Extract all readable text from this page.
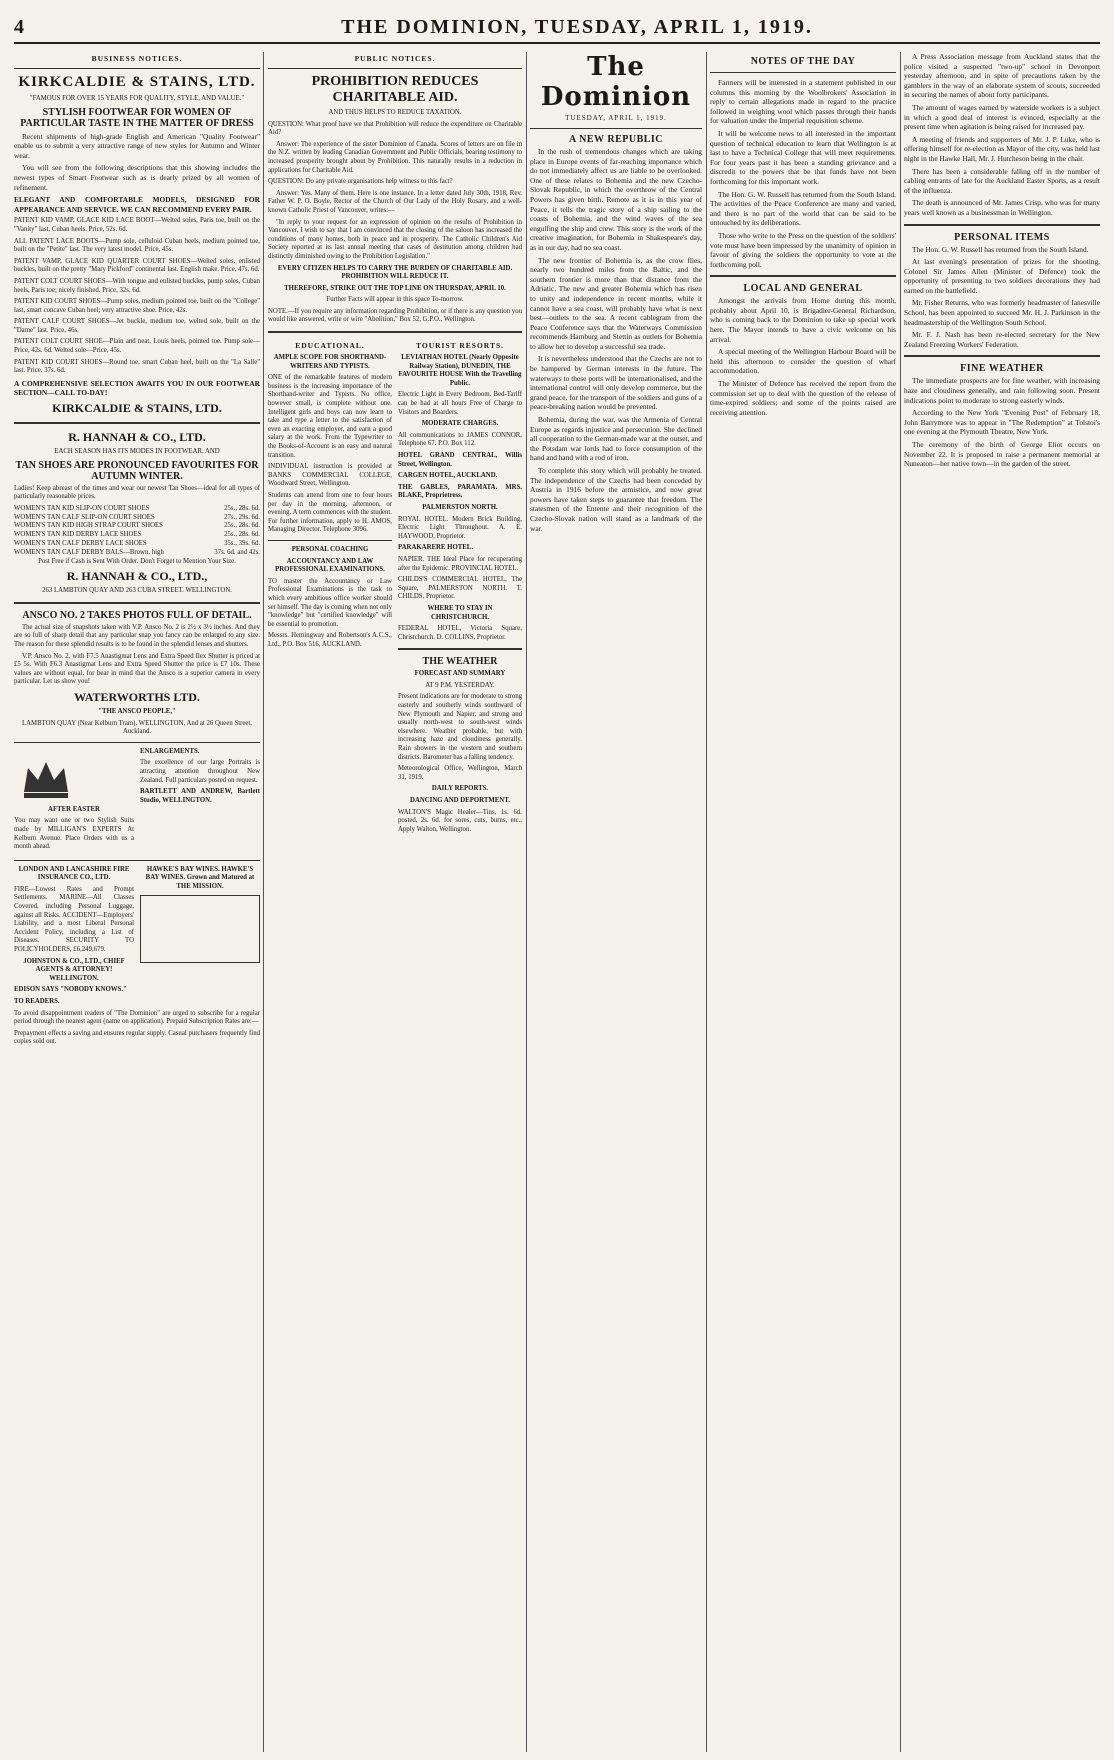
4	THE DOMINION, TUESDAY, APRIL 1, 1919.
BUSINESS NOTICES.
KIRKCALDIE & STAINS, LTD.
"FAMOUS FOR OVER 15 YEARS FOR QUALITY, STYLE, AND VALUE."
STYLISH FOOTWEAR FOR WOMEN OF PARTICULAR TASTE IN THE MATTER OF DRESS

Recent shipments of high-grade English and American "Quality Footwear" enable us to submit a very attractive range of new styles for Autumn and Winter wear.

You will see from the following descriptions that this showing includes the newest types of Smart Footwear such as is dearly prized by all women of refinement.

ELEGANT AND COMFORTABLE MODELS, DESIGNED FOR APPEARANCE AND SERVICE. WE CAN RECOMMEND EVERY PAIR.

PATENT KID VAMP, GLACE KID LACE BOOT—Welted soles, Paris toe, built on the "Vanity" last, Cuban heels. Price, 52s. 6d.

ALL PATENT LACE BOOTS—Pump sole, celluloid Cuban heels, medium pointed toe, built on the "Petite" last. The very latest model. Price, 45s.

PATENT VAMP, GLACE KID QUARTER COURT SHOES—Welted soles, enlisted buckles, built on the pretty "Mary Pickford" continental last. English make. Price, 47s. 6d.

PATENT COLT COURT SHOES—With tongue and enlisted buckles, pump soles, Cuban heels, Paris toe; nicely finished. Price, 32s. 6d.

PATENT KID COURT SHOES—Pump soles, medium pointed toe, built on the "College" last, smart concave Cuban heel; very attractive shoe. Price, 42s.

PATENT CALF COURT SHOES—Jet buckle, medium toe, welted sole, built on the "Dame" last. Price, 46s.

PATENT COLT COURT SHOE—Plain and neat, Louis heels, pointed toe. Pump sole—Price, 42s. 6d. Welted sole—Price, 45s.

PATENT KID COURT SHOES—Round toe, smart Cuban heel, built on the "La Salle" last. Price, 37s. 6d.

A COMPREHENSIVE SELECTION AWAITS YOU IN OUR FOOTWEAR SECTION—CALL TO-DAY!

KIRKCALDIE & STAINS, LTD.
R. HANNAH & CO., LTD.

EACH SEASON HAS ITS MODES IN FOOTWEAR, AND

TAN SHOES ARE PRONOUNCED FAVOURITES FOR AUTUMN WINTER.

Ladies! Keep abreast of the times and wear our newest Tan Shoes—ideal for all types of particularly reasonable prices.

WOMEN'S TAN KID SLIP-ON COURT SHOES	25s., 28s. 6d.
WOMEN'S TAN CALF SLIP-ON COURT SHOES	27s., 29s. 6d.
WOMEN'S TAN KID HIGH STRAP COURT SHOES	25s., 28s. 6d.
WOMEN'S TAN KID DERBY LACE SHOES	25s., 28s. 6d.
WOMEN'S TAN CALF DERBY LACE SHOES	35s., 39s. 6d.
WOMEN'S TAN CALF DERBY BALS—Brown, high	37s. 6d. and 42s.

Post Free if Cash is Sent With Order. Don't Forget to Mention Your Size.

R. HANNAH & CO., LTD.,

263 LAMBTON QUAY AND 263 CUBA STREET. WELLINGTON.

ANSCO NO. 2 TAKES PHOTOS FULL OF DETAIL.

The actual size of snapshots taken with V.P. Ansco No. 2 is 2½ x 3½ inches. And they are so full of sharp detail that any particular snap you fancy can be enlarged to any size. The reason for these splendid results is to be found in the splendid lenses and shutters.

V.P. Ansco No. 2, with F7.5 Anastigmat Lens and Extra Speed Ilex Shutter is priced at £5 5s. With F6.3 Anastigmat Lens and Extra Speed Shutter the price is £7 10s. These values are without equal, for bear in mind that the Ansco is a superior camera in every particular. Let us show you!

WATERWORTHS LTD.

"THE ANSCO PEOPLE,"

LAMBTON QUAY (Near Kelburn Tram), WELLINGTON, And at 26 Queen Street, Auckland.

AFTER EASTER

You may want one or two Stylish Suits made by MILLIGAN'S EXPERTS At Kelburn Avenue. Place Orders with us a month ahead.

ENLARGEMENTS.

The excellence of our large Portraits is attracting attention throughout New Zealand. Full particulars posted on request.

BARTLETT AND ANDREW, Bartlett Studio, WELLINGTON.

LONDON AND LANCASHIRE FIRE INSURANCE CO., LTD.

FIRE—Lowest Rates and Prompt Settlements. MARINE—All Classes Covered, including Personal Luggage, against all Risks. ACCIDENT—Employers' Liability, and a most Liberal Personal Accident Policy, including a List of Diseases. SECURITY TO POLICYHOLDERS, £6,249,679.

JOHNSTON & CO., LTD., CHIEF AGENTS & ATTORNEY! WELLINGTON.

EDISON SAYS "NOBODY KNOWS."

HAWKE'S BAY WINES. HAWKE'S BAY WINES. Grown and Matured at THE MISSION.

TO READERS.

To avoid disappointment readers of "The Dominion" are urged to subscribe for a regular period through the nearest agent (name on application). Prepaid Subscription Rates are:—

Prepayment effects a saving and ensures regular supply. Casual purchasers frequently find copies sold out.

PUBLIC NOTICES.
PROHIBITION REDUCES CHARITABLE AID.

AND THUS HELPS TO REDUCE TAXATION.

QUESTION: What proof have we that Prohibition will reduce the expenditure on Charitable Aid?

Answer: The experience of the sister Dominion of Canada. Scores of letters are on file in the N.Z. written by leading Canadian Government and Public Officials, bearing testimony to increased prosperity brought about by Prohibition. This naturally results in a reduction in applications for Charitable Aid.

QUESTION: Do any private organisations help witness to this fact?

Answer: Yes. Many of them. Here is one instance. In a letter dated July 30th, 1918, Rev. Father W. P. O. Boyle, Rector of the Church of Our Lady of the Holy Rosary, and a well-known Catholic Priest of Vancouver, writes:—

"In reply to your request for an expression of opinion on the results of Prohibition in Vancouver, I wish to say that I am convinced that the closing of the saloon has increased the conditions of many homes, both in peace and in prosperity. The Catholic Children's Aid Society reported at its last annual meeting that cases of destitution among children had distinctly diminished owing to the Prohibition Legislation."

EVERY CITIZEN HELPS TO CARRY THE BURDEN OF CHARITABLE AID. PROHIBITION WILL REDUCE IT.

THEREFORE, STRIKE OUT THE TOP LINE ON THURSDAY, APRIL 10.

Further Facts will appear in this space To-morrow.

NOTE.—If you require any information regarding Prohibition, or if there is any question you would like answered, write or wire "Abolition," Box 52, G.P.O., Wellington.

EDUCATIONAL.

AMPLE SCOPE FOR SHORTHAND-WRITERS AND TYPISTS.

ONE of the remarkable features of modern business is the increasing importance of the Shorthand-writer and Typists. No office, however small, is complete without one. Intelligent girls and boys can now learn to take and type a letter to the satisfaction of even an exacting employer, and earn a good salary at the work. From the Typewriter to the Books-of-Account is an easy and natural transition.

INDIVIDUAL instruction is provided at BANKS COMMERCIAL COLLEGE, Woodward Street, Wellington.

Students can attend from one to four hours per day in the morning, afternoon, or evening. A term commences with the student. For further information, apply to H. AMOS, Managing Director. Telephone 3096.

PERSONAL COACHING

ACCOUNTANCY AND LAW PROFESSIONAL EXAMINATIONS.

TO master the Accountancy or Law Professional Examinations is the task to which every ambitious office worker should set himself. The day is coming when not only "knowledge" but "certified knowledge" will be essential to promotion.

Messrs. Hemingway and Robertson's A.C.S., Ltd., P.O. Box 516, AUCKLAND.

TOURIST RESORTS.

LEVIATHAN HOTEL (Nearly Opposite Railway Station), DUNEDIN, THE FAVOURITE HOUSE With the Travelling Public.

Electric Light in Every Bedroom. Bed-Tariff can be had at all hours Free of Charge to Visitors and Boarders.

MODERATE CHARGES.

All communications to JAMES CONNOR, Telephone 67. P.O. Box 112.

HOTEL GRAND CENTRAL, Willis Street, Wellington.

CARGEN HOTEL, AUCKLAND.

THE GABLES, PARAMATA. MRS. BLAKE, Proprietress.

PALMERSTON NORTH.

ROYAL HOTEL. Modern Brick Building, Electric Light Throughout. A. E. HAYWOOD, Proprietor.

PARAKARERE HOTEL.

NAPIER. THE Ideal Place for recuperating after the Epidemic. PROVINCIAL HOTEL.

CHILDS'S COMMERCIAL HOTEL, The Square, PALMERSTON NORTH. T. CHILDS, Proprietor.

WHERE TO STAY IN CHRISTCHURCH.

FEDERAL HOTEL, Victoria Square, Christchurch. D. COLLINS, Proprietor.

THE WEATHER

FORECAST AND SUMMARY

AT 9 P.M. YESTERDAY.

Present indications are for moderate to strong easterly and southerly winds southward of New Plymouth and Napier, and strong and usually north-west to south-west winds elsewhere. Weather probable, but with increasing haze and cloudiness generally. Rain showers in the western and southern districts. Barometer has a falling tendency.

Meteorological Office, Wellington, March 31, 1919.

DAILY REPORTS.

DANCING AND DEPORTMENT.

WALTON'S Magic Healer—Tins, 1s. 6d. posted, 2s. 6d. for sores, cuts, burns, etc., Apply Walton, Wellington.

The Dominion
TUESDAY, APRIL 1, 1919.
A NEW REPUBLIC

In the rush of tremendous changes which are taking place in Europe events of far-reaching importance which do not immediately affect us are liable to be overlooked. One of these relates to Bohemia and the new Czecho-Slovak Republic, in which the overthrow of the Central Powers has given birth. Remote as it is in this year of Peace, it tells the tragic story of a ship sailing to the coasts of Bohemia, and the wind waves of the sea engulfing the ship and crew. This story is the work of the creative imagination, for Bohemia in Shakespeare's day, as in our day, had no sea coast.

The new frontier of Bohemia is, as the crow flies, nearly two hundred miles from the Baltic, and the southern frontier is more than that distance from the Adriatic. The new and greater Bohemia which has risen to unity and independence in recent months, while it cannot have a sea coast, will probably have what is next best—outlets to the sea. A recent cablegram from the Peace Conference says that the Waterways Commission recommends Hamburg and Stettin as outlets for Bohemia to allow her to develop a successful sea trade.

It is nevertheless understood that the Czechs are not to be hampered by German interests in the future. The waterways to these ports will be internationalised, and the international control will only develop commerce, but the grand peace, for the transport of the soldiers and guns of a peace-breaking nation would be prevented.

Bohemia, during the war, was the Armenia of Central Europe as regards injustice and persecution. She declined all cooperation to the German-made war at the outset, and the Potsdam war lords had to force consumption of the hand and hand with a rod of iron.

To complete this story which will probably be treated. The independence of the Czechs had been conceded by Austria in 1916 before the armistice, and now great powers have taken steps to guarantee that freedom. The statesmen of the Entente and their recognition of the Czecho-Slovak nation will stand as a landmark of the war.

NOTES OF THE DAY

Farmers will be interested in a statement published in our columns this morning by the Woolbrokers' Association in reply to certain allegations made in regard to the practice followed in weighing wool which passes through their hands for valuation under the Imperial requisition scheme.

It will be welcome news to all interested in the important question of technical education to learn that Wellington is at last to have a Technical College that will meet requirements. For four years past it has been a standing grievance and a discredit to the powers that be that funds have not been forthcoming for this important work.

The Hon. G. W. Russell has returned from the South Island. The activities of the Peace Conference are many and varied, and there is no part of the world that can be said to be untouched by its deliberations.

Those who write to the Press on the question of the soldiers' vote must have been impressed by the unanimity of opinion in favour of giving the soldiers the opportunity to vote at the forthcoming poll.

LOCAL AND GENERAL

Amongst the arrivals from Home during this month, probably about April 10, is Brigadier-General Richardson, who is coming back to the Dominion to take up special work here. The Mayor intends to have a civic welcome on his arrival.

A special meeting of the Wellington Harbour Board will be held this afternoon to consider the question of wharf accommodation.

The Minister of Defence has received the report from the commission set up to deal with the question of the release of time-expired soldiers; and some of the points raised are receiving attention.

A Press Association message from Auckland states that the police visited a suspected "two-up" school in Devonport yesterday afternoon, and in spite of precautions taken by the gamblers in the way of an elaborate system of scouts, succeeded in securing the names of about forty participants.

The amount of wages earned by waterside workers is a subject in which a good deal of interest is evinced, especially at the present time when agitation is being raised for increased pay.

A meeting of friends and supporters of Mr. J. P. Luke, who is offering himself for re-election as Mayor of the city, was held last night in the Hawke Hall, Mr. J. Hutcheson being in the chair.

There has been a considerable falling off in the number of cabling entrants of late for the Auckland Easter Sports, as a result of the influenza.

The death is announced of Mr. James Crisp, who was for many years well known as a businessman in Wellington.

PERSONAL ITEMS

The Hon. G. W. Russell has returned from the South Island.

At last evening's presentation of prizes for the shooting, Colonel Sir James Allen (Minister of Defence) took the opportunity of presenting to two soldiers decorations they had earned on the battlefield.

Mr. Fisher Returns, who was formerly headmaster of Ianesville School, has been appointed to succeed Mr. H. J. Parkinson in the headmastership of the Wellington South School.

Mr. F. J. Nash has been re-elected secretary for the New Zealand Freezing Workers' Federation.

FINE WEATHER

The immediate prospects are for fine weather, with increasing haze and cloudiness generally, and rain following soon. Present indications point to moderate to strong easterly winds.

According to the New York "Evening Post" of February 18, John Barrymore was to appear in "The Redemption" at Tolstoi's one evening at the Plymouth Theatre, New York.

The ceremony of the birth of George Eliot occurs on November 22. It is proposed to raise a permanent memorial at Nuneaton—her native town—in the garden of the street.
